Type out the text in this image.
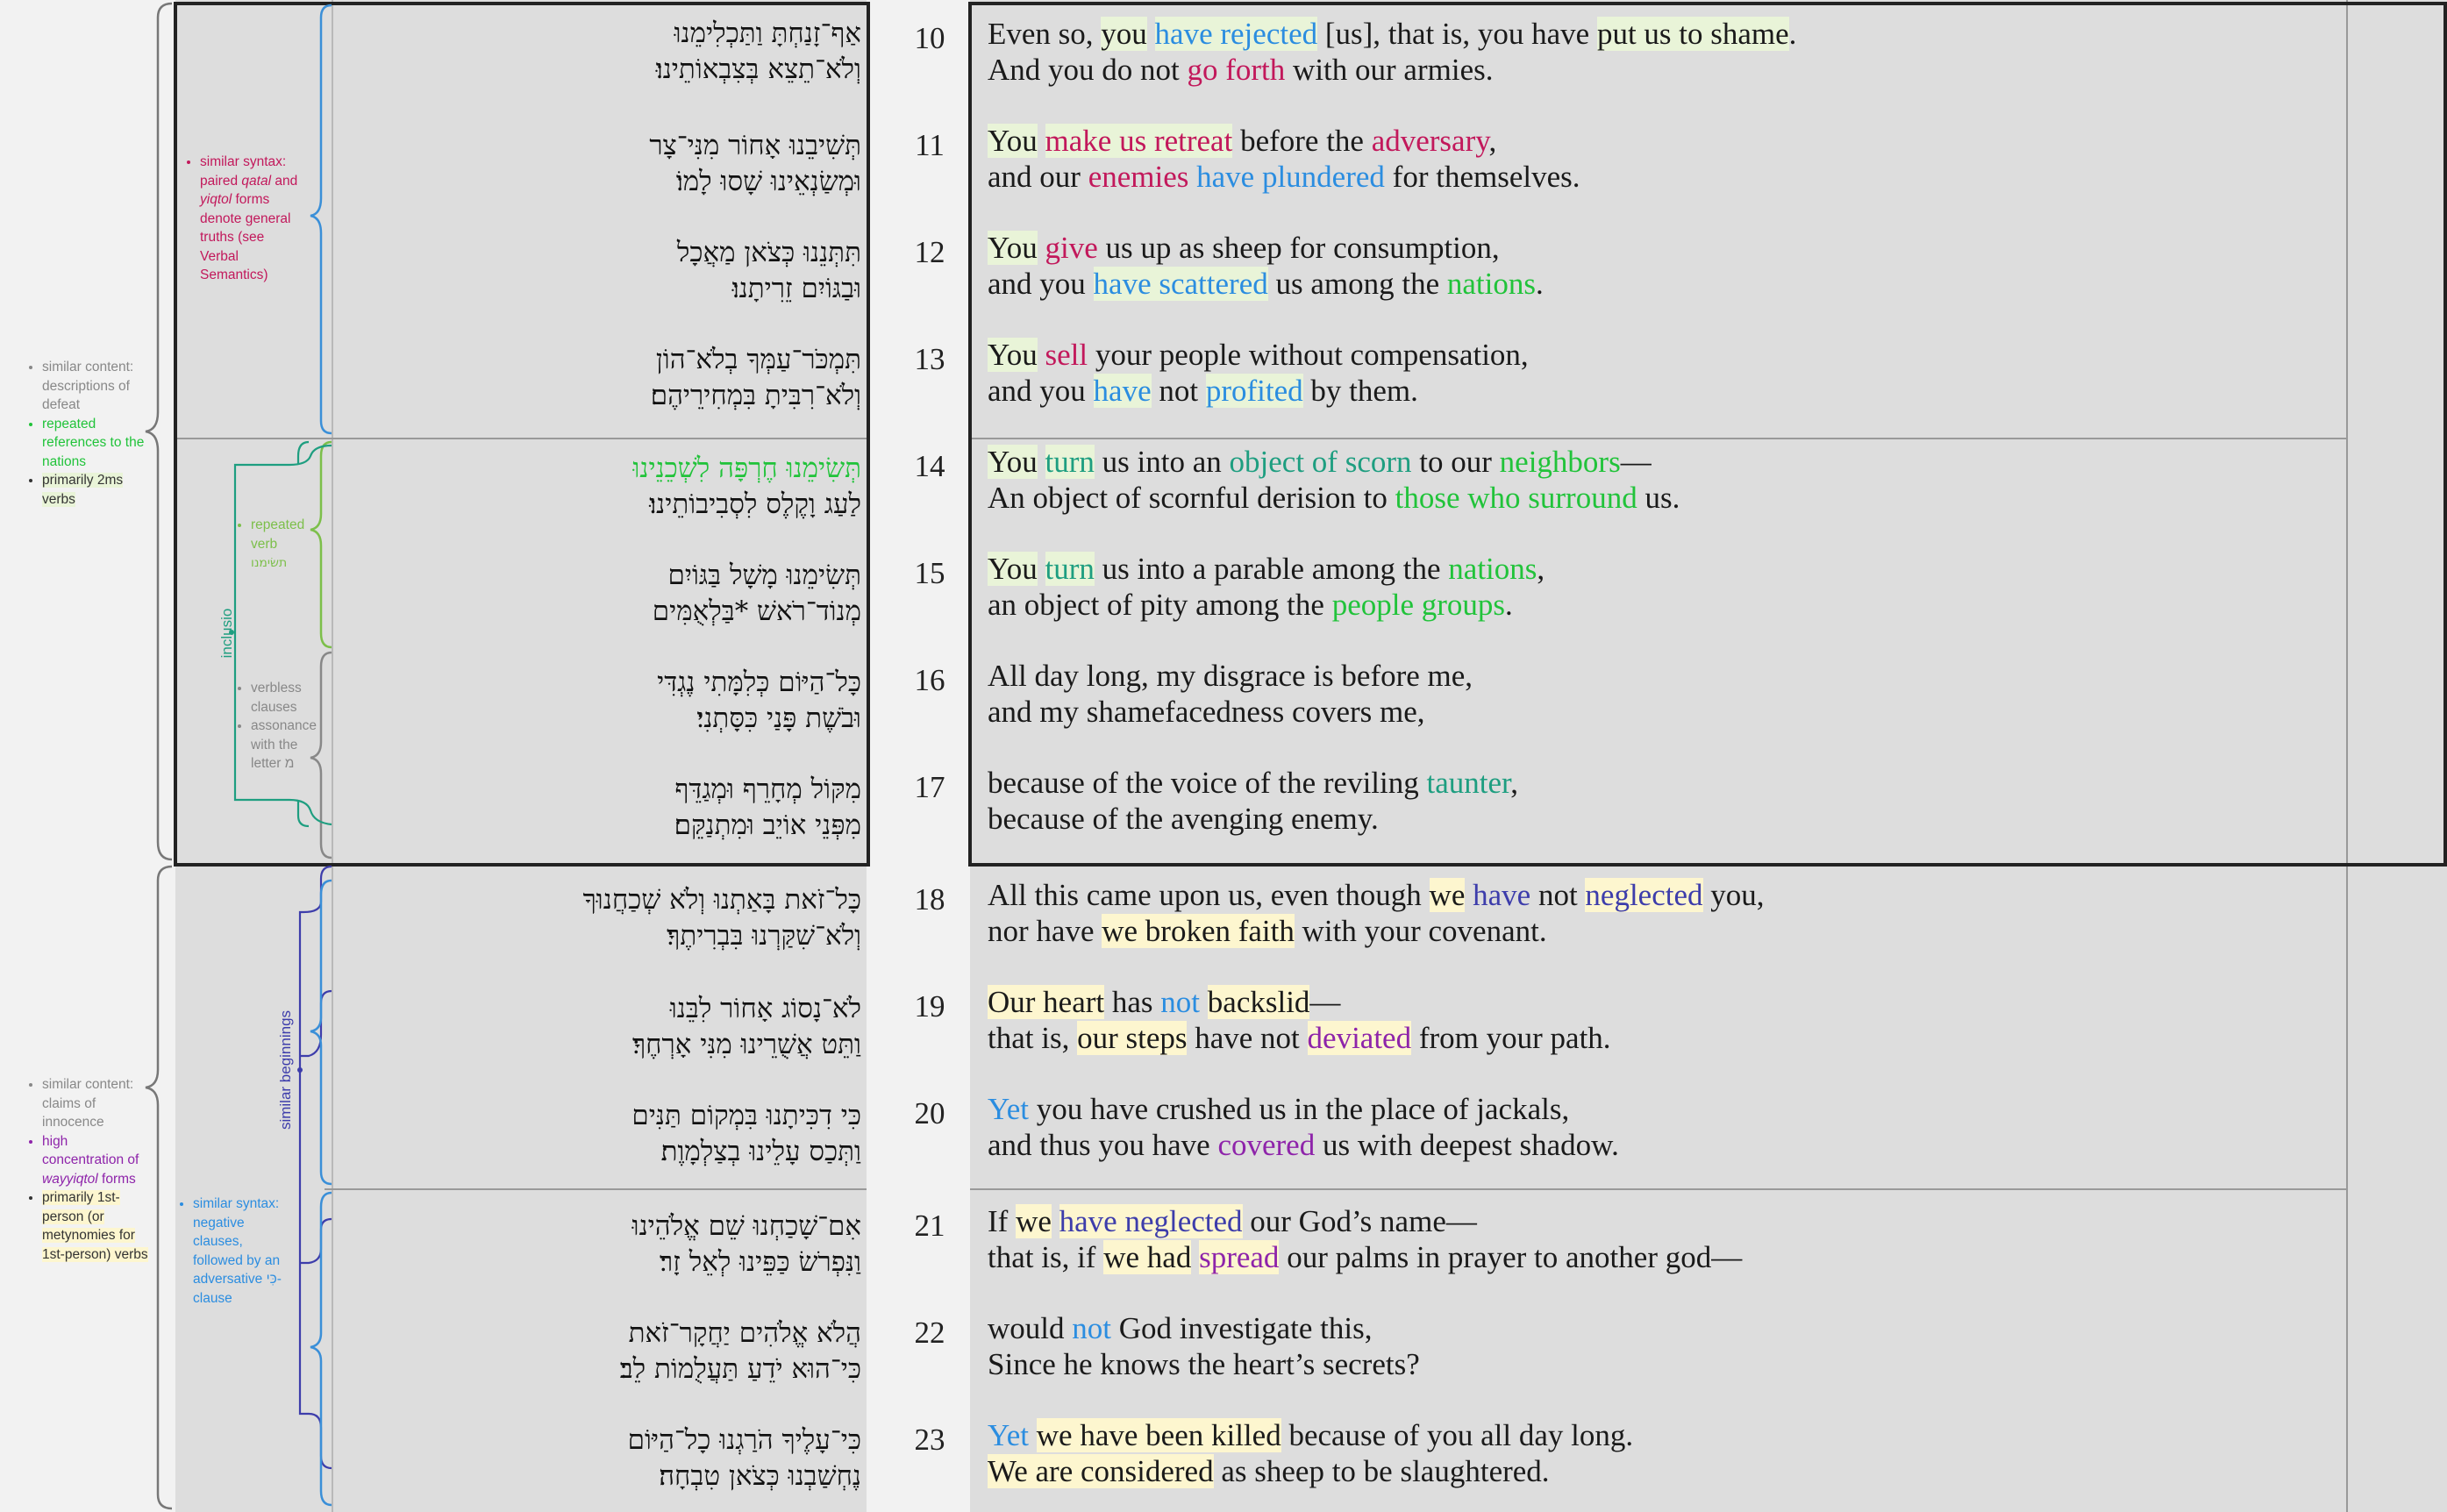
אַף־זָנַחְתָּ וַתַּכְלִימֵנוּ
וְלֹא־תֵצֵא בְּצִבְאוֹתֵינוּ׃
תְּשִׁיבֵנוּ אָחוֹר מִנִּי־צָר
וּמְשַׂנְאֵינוּ שָׁסוּ לָמוֹ׃
תִּתְּנֵנוּ כְּצֹאן מַאֲכָל
וּבַגּוֹיִם זֵרִיתָנוּ׃
תִּמְכֹּר־עַמְּךָ בְלֹא־הוֹן
וְלֹא־רִבִּיתָ בִּמְחִירֵיהֶם׃
תְּשִׂימֵנוּ חֶרְפָּה לִשְׁכֵנֵינוּ
לַעַג וָקֶלֶס לִסְבִיבוֹתֵינוּ׃
תְּשִׂימֵנוּ מָשָׁל בַּגּוֹיִם
מְנוֹד־רֹאשׁ *בַּלְאֻמִּים
כָּל־הַיּוֹם כְּלִמָּתִי נֶגְדִּי
וּבֹשֶׁת פָּנַי כִּסָּתְנִי׃
מִקּוֹל מְחָרֵף וּמְגַדֵּף
מִפְּנֵי אוֹיֵב וּמִתְנַקֵּם׃
כָּל־זֹאת בָּאַתְנוּ וְלֹא שְׁכַחֲנוּךָ
וְלֹא־שִׁקַּרְנוּ בִּבְרִיתֶךָ׃
לֹא־נָסוֹג אָחוֹר לִבֵּנוּ
וַתֵּט אֲשֻׁרֵינוּ מִנִּי אָרְחֶךָ׃
כִּי דִכִּיתָנוּ בִּמְקוֹם תַּנִּים
וַתְּכַס עָלֵינוּ בְצַלְמָוֶת׃
אִם־שָׁכַחְנוּ שֵׁם אֱלֹהֵינוּ
וַנִּפְרֹשׂ כַּפֵּינוּ לְאֵל זָר׃
הֲלֹא אֱלֹהִים יַחֲקָר־זֹאת
כִּי־הוּא יֹדֵעַ תַּעֲלֻמוֹת לֵב׃
כִּי־עָלֶיךָ הֹרַגְנוּ כָל־הַיּוֹם
נֶחְשַׁבְנוּ כְּצֹאן טִבְחָה׃
10
11
12
13
14
15
16
17
18
19
20
21
22
23
Even so, you have rejected [us], that is, you have put us to shame.
And you do not go forth with our armies.
You make us retreat before the adversary,
and our enemies have plundered for themselves.
You give us up as sheep for consumption,
and you have scattered us among the nations.
You sell your people without compensation,
and you have not profited by them.
You turn us into an object of scorn to our neighbors—
An object of scornful derision to those who surround us.
You turn us into a parable among the nations,
an object of pity among the people groups.
All day long, my disgrace is before me,
and my shamefacedness covers me,
because of the voice of the reviling taunter,
because of the avenging enemy.
All this came upon us, even though we have not neglected you,
nor have we broken faith with your covenant.
Our heart has not backslid—
that is, our steps have not deviated from your path.
Yet you have crushed us in the place of jackals,
and thus you have covered us with deepest shadow.
If we have neglected our God’s name—
that is, if we had spread our palms in prayer to another god—
would not God investigate this,
Since he knows the heart’s secrets?
Yet we have been killed because of you all day long.
We are considered as sheep to be slaughtered.
• similar content: descriptions of defeat
• repeated references to the nations
• primarily 2ms verbs
• similar content: claims of innocence
• high concentration of wayyiqtol forms
• primarily 1st-person (or metynomies for 1st-person) verbs
• similar syntax: paired qatal and yiqtol forms denote general truths (see Verbal Semantics)
• repeated verb
תשׂימנו
• verbless clauses
• assonance with the letter מ
• similar syntax: negative clauses, followed by an adversative כִּי-clause
inclusio
similar beginnings
